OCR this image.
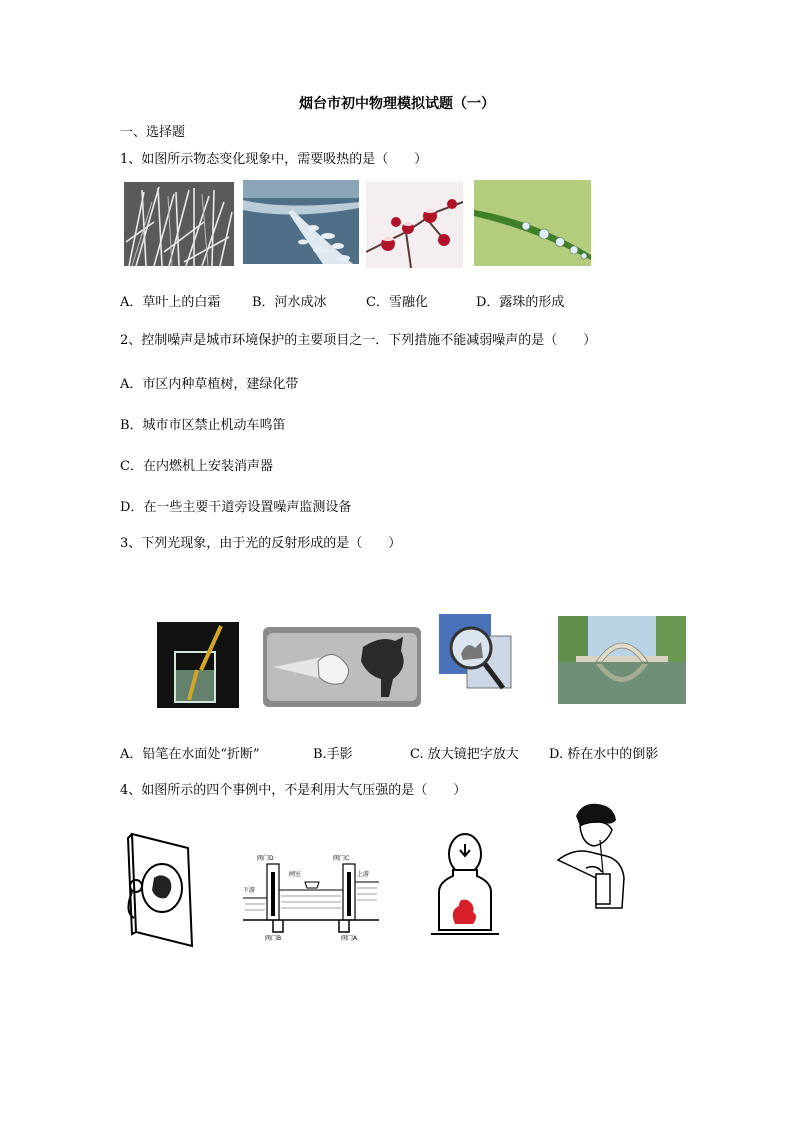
烟台市初中物理模拟试题（一）
一、选择题
1、如图所示物态变化现象中，需要吸热的是（　　）
A．草叶上的白霜 B．河水成冰	C．雪融化	D．露珠的形成
2、控制噪声是城市环境保护的主要项目之一．下列措施不能减弱噪声的是（　　）
A．市区内种草植树，建绿化带
B．城市市区禁止机动车鸣笛
C．在内燃机上安装消声器
D．在一些主要干道旁设置噪声监测设备
3、下列光现象，由于光的反射形成的是（　　）
A．铅笔在水面处“折断”	B.手影	C. 放大镜把字放大 D. 桥在水中的倒影
4、如图所示的四个事例中，不是利用大气压强的是（　　）
阀门D	阀门C
闸室
下游
上游
阀门B	阀门A
